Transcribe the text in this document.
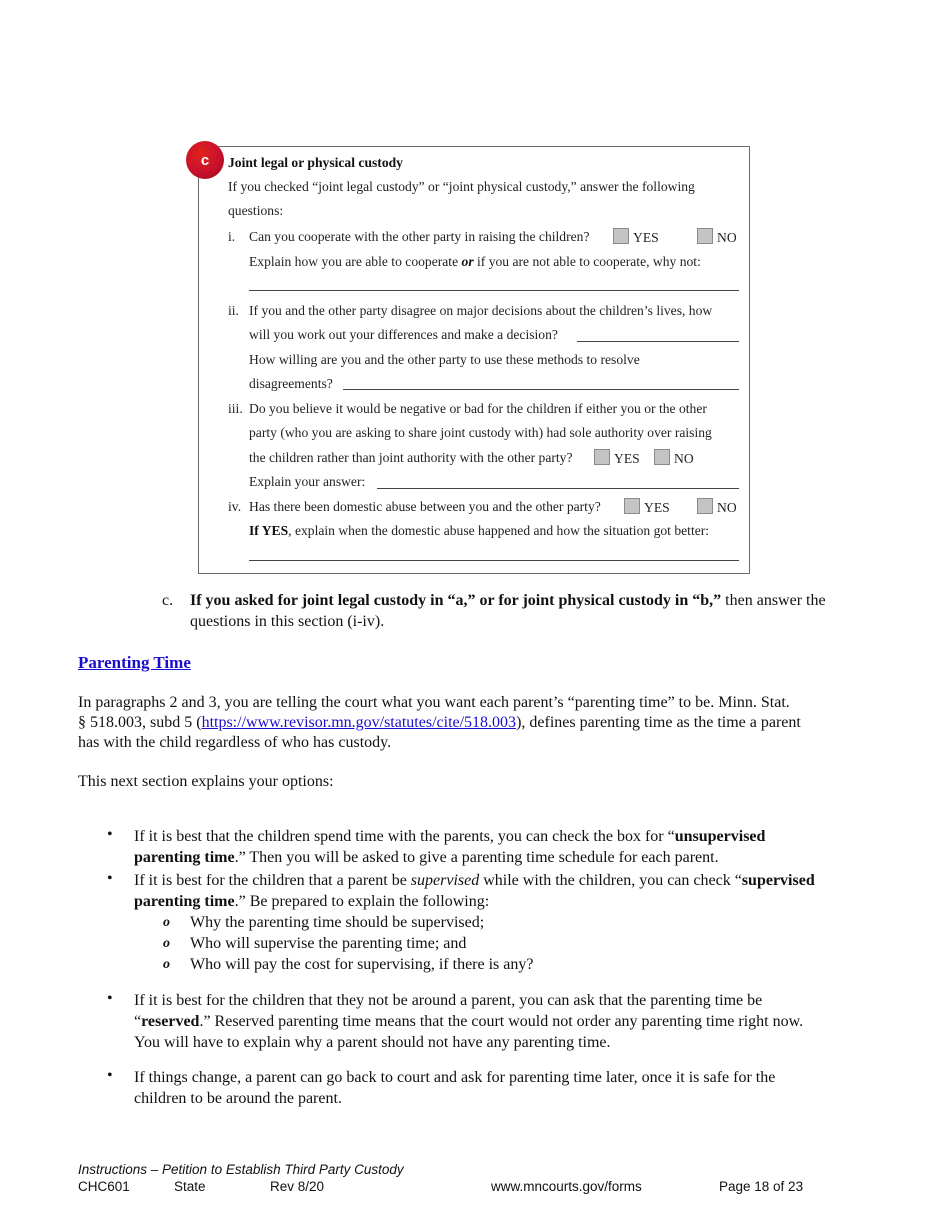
c Joint legal or physical custody
If you checked “joint legal custody” or “joint physical custody,” answer the following
questions:
i. Can you cooperate with the other party in raising the children?	YES	NO
Explain how you are able to cooperate or if you are not able to cooperate, why not:
ii. If you and the other party disagree on major decisions about the children’s lives, how
will you work out your differences and make a decision?
How willing are you and the other party to use these methods to resolve
disagreements?
iii. Do you believe it would be negative or bad for the children if either you or the other
party (who you are asking to share joint custody with) had sole authority over raising
the children rather than joint authority with the other party?	YES	NO
Explain your answer:
iv. Has there been domestic abuse between you and the other party?	YES	NO
If YES, explain when the domestic abuse happened and how the situation got better:
c. If you asked for joint legal custody in “a,” or for joint physical custody in “b,” then answer the
questions in this section (i-iv).
Parenting Time
In paragraphs 2 and 3, you are telling the court what you want each parent’s “parenting time” to be. Minn. Stat.
§ 518.003, subd 5 (https://www.revisor.mn.gov/statutes/cite/518.003), defines parenting time as the time a parent
has with the child regardless of who has custody.
This next section explains your options:
• If it is best that the children spend time with the parents, you can check the box for “unsupervised
parenting time.” Then you will be asked to give a parenting time schedule for each parent.
• If it is best for the children that a parent be supervised while with the children, you can check “supervised
parenting time.” Be prepared to explain the following:
o Why the parenting time should be supervised;
o Who will supervise the parenting time; and
o Who will pay the cost for supervising, if there is any?
• If it is best for the children that they not be around a parent, you can ask that the parenting time be
“reserved.” Reserved parenting time means that the court would not order any parenting time right now.
You will have to explain why a parent should not have any parenting time.
• If things change, a parent can go back to court and ask for parenting time later, once it is safe for the
children to be around the parent.
Instructions – Petition to Establish Third Party Custody
CHC601	State	Rev 8/20	www.mncourts.gov/forms	Page 18 of 23
